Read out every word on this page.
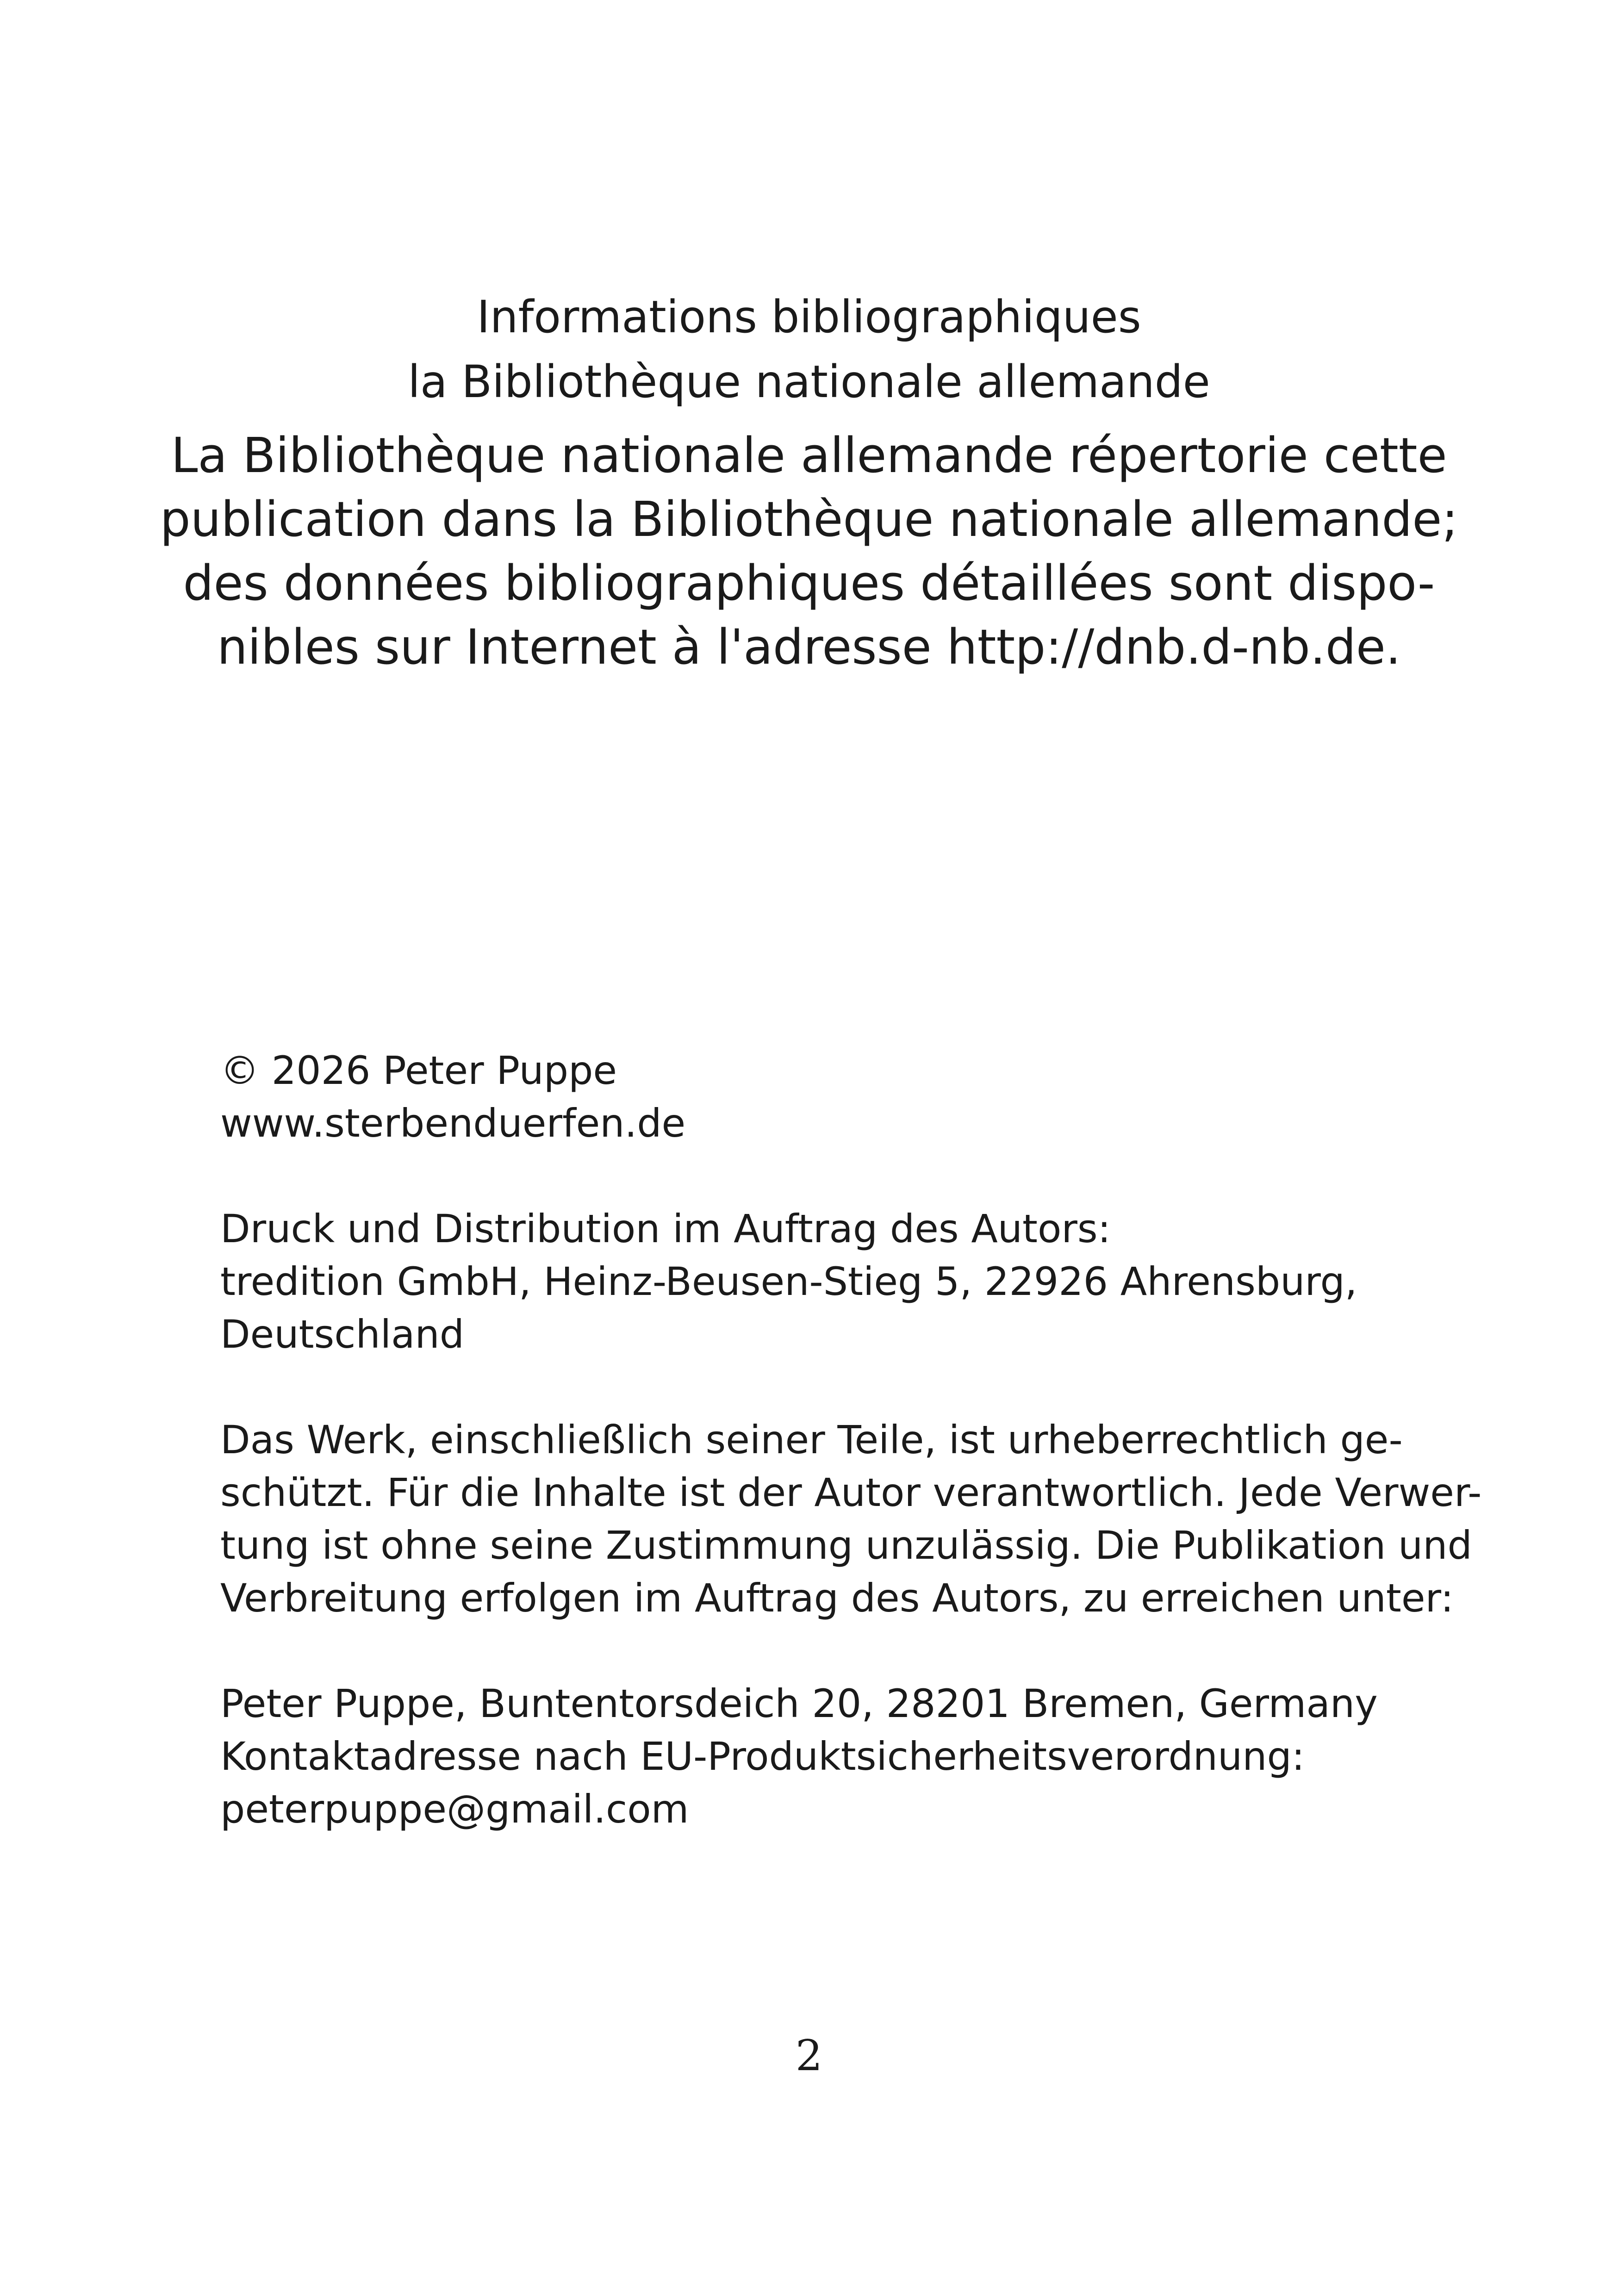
Informations bibliographiques
la Bibliothèque nationale allemande
La Bibliothèque nationale allemande répertorie cette
publication dans la Bibliothèque nationale allemande;
des données bibliographiques détaillées sont dispo-
nibles sur Internet à l'adresse http://dnb.d-nb.de.
© 2026 Peter Puppe
www.sterbenduerfen.de
Druck und Distribution im Auftrag des Autors:
tredition GmbH, Heinz-Beusen-Stieg 5, 22926 Ahrensburg,
Deutschland
Das Werk, einschließlich seiner Teile, ist urheberrechtlich ge-
schützt. Für die Inhalte ist der Autor verantwortlich. Jede Verwer-
tung ist ohne seine Zustimmung unzulässig. Die Publikation und
Verbreitung erfolgen im Auftrag des Autors, zu erreichen unter:
Peter Puppe, Buntentorsdeich 20, 28201 Bremen, Germany
Kontaktadresse nach EU-Produktsicherheitsverordnung:
peterpuppe@gmail.com
2
